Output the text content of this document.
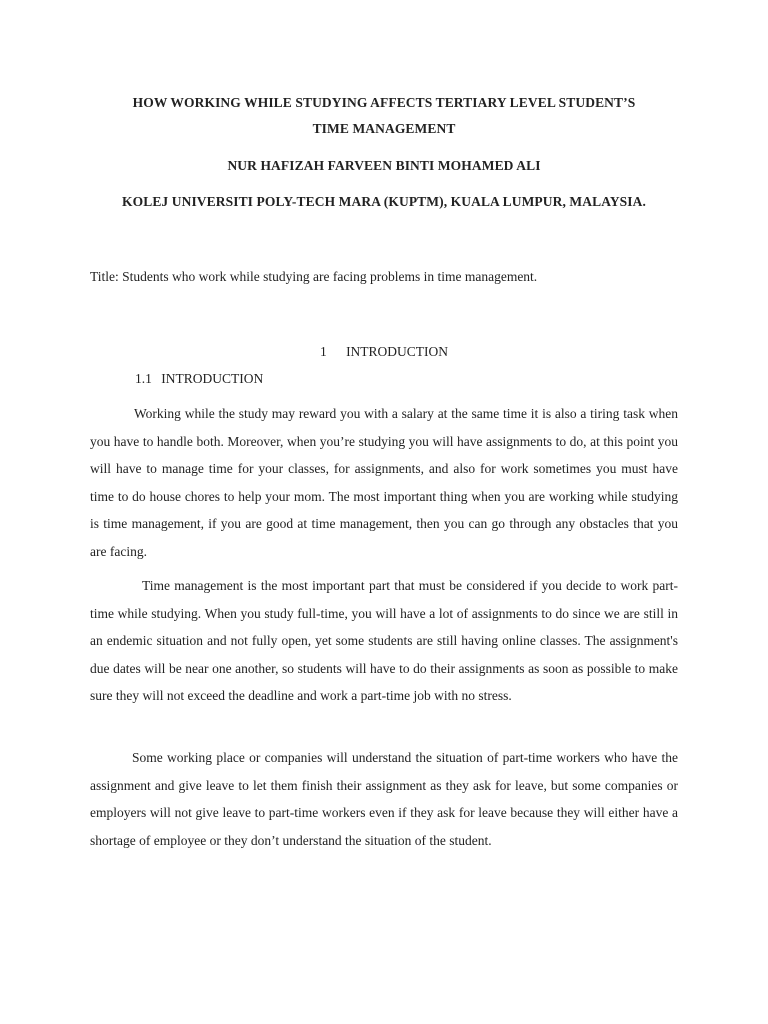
HOW WORKING WHILE STUDYING AFFECTS TERTIARY LEVEL STUDENT’S
TIME MANAGEMENT
NUR HAFIZAH FARVEEN BINTI MOHAMED ALI
KOLEJ UNIVERSITI POLY-TECH MARA (KUPTM), KUALA LUMPUR, MALAYSIA.
Title: Students who work while studying are facing problems in time management.
1 INTRODUCTION
1.1 INTRODUCTION

Working while the study may reward you with a salary at the same time it is also a tiring task when you have to handle both. Moreover, when you’re studying you will have assignments to do, at this point you will have to manage time for your classes, for assignments, and also for work sometimes you must have time to do house chores to help your mom. The most important thing when you are working while studying is time management, if you are good at time management, then you can go through any obstacles that you are facing.

Time management is the most important part that must be considered if you decide to work part-time while studying. When you study full-time, you will have a lot of assignments to do since we are still in an endemic situation and not fully open, yet some students are still having online classes. The assignment's due dates will be near one another, so students will have to do their assignments as soon as possible to make sure they will not exceed the deadline and work a part-time job with no stress.

Some working place or companies will understand the situation of part-time workers who have the assignment and give leave to let them finish their assignment as they ask for leave, but some companies or employers will not give leave to part-time workers even if they ask for leave because they will either have a shortage of employee or they don’t understand the situation of the student.
